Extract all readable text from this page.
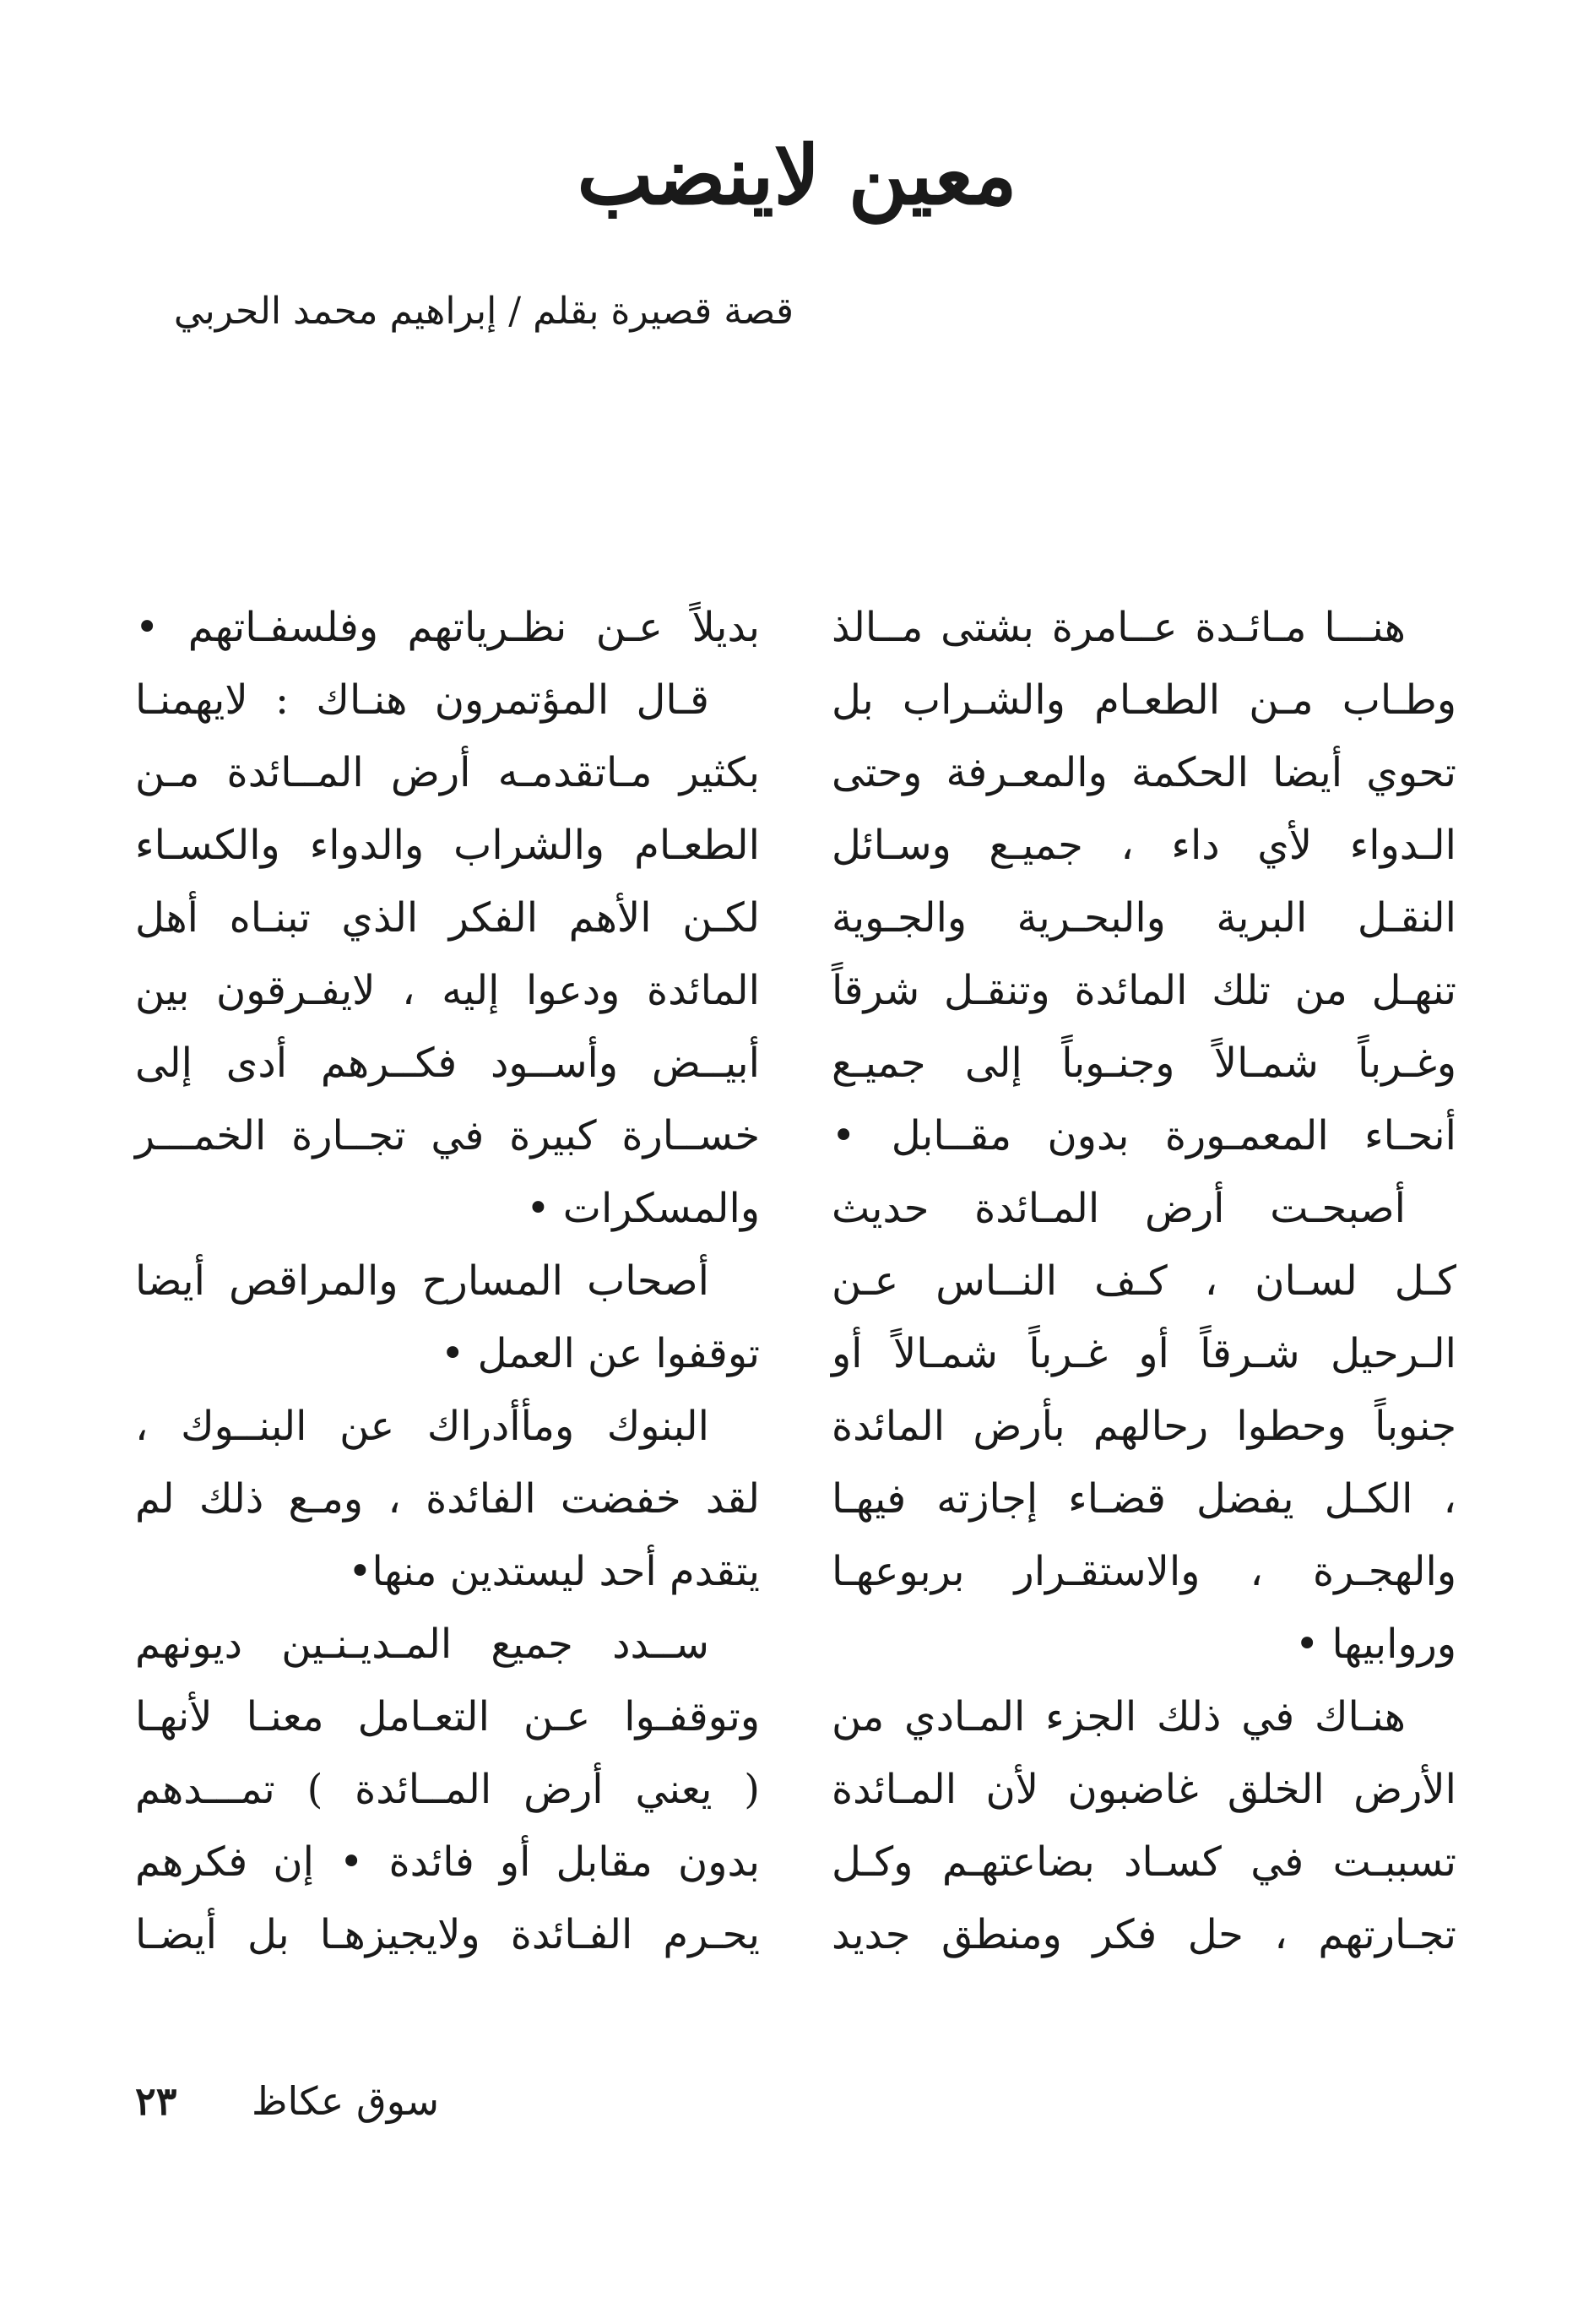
معين لاينضب
قصة قصيرة بقلم / إبراهيم محمد الحربي
هنـــا مـائـدة عــامرة بشتى مــالذ
وطـاب مـن الطعـام والشـراب بل
تحوي أيضا الحكمة والمعـرفة وحتى
الـدواء لأي داء ، جميـع وسـائل
النقـل البرية والبحـرية والجـوية
تنهـل من تلك المائدة وتنقـل شرقاً
وغـرباً شمـالاً وجنـوباً إلى جميـع
أنحـاء المعمـورة بدون مقــابل •
أصبحـت أرض المـائدة حديث
كـل لسـان ، كـف النــاس عـن
الـرحيل شـرقاً أو غـرباً شمـالاً أو
جنوباً وحطوا رحالهم بأرض المائدة
، الكـل يفضل قضـاء إجازته فيهـا
والهجـرة ، والاستقـرار بربوعهـا
وروابيها •
هنـاك في ذلك الجزء المـادي من
الأرض الخلق غاضبون لأن المـائدة
تسببـت في كسـاد بضاعتهـم وكـل
تجـارتهم ، حل فكر ومنطق جديد
بديلاً عـن نظـرياتهم وفلسفـاتهم •
قـال المؤتمرون هنـاك : لايهمنـا
بكثير مـاتقدمـه أرض المــائدة مـن
الطعـام والشراب والدواء والكسـاء
لكـن الأهم الفكر الذي تبنـاه أهل
المائدة ودعوا إليه ، لايفـرقون بين
أبيــض وأســود فكــرهم أدى إلى
خســارة كبيرة في تجــارة الخمـــر
والمسكرات •
أصحاب المسارح والمراقص أيضا
توقفوا عن العمل •
البنوك ومأأدراك عن البنــوك ،
لقد خفضت الفائدة ، ومـع ذلك لم
يتقدم أحد ليستدين منها•
ســدد جميع المـديـنـين ديونهم
وتوقفـوا عـن التعـامل معنـا لأنهـا
( يعني أرض المــائدة ) تمـــدهم
بدون مقابل أو فائدة • إن فكرهم
يحـرم الفـائدة ولايجيزهـا بل أيضـا
سوق عكاظ
٢٣
